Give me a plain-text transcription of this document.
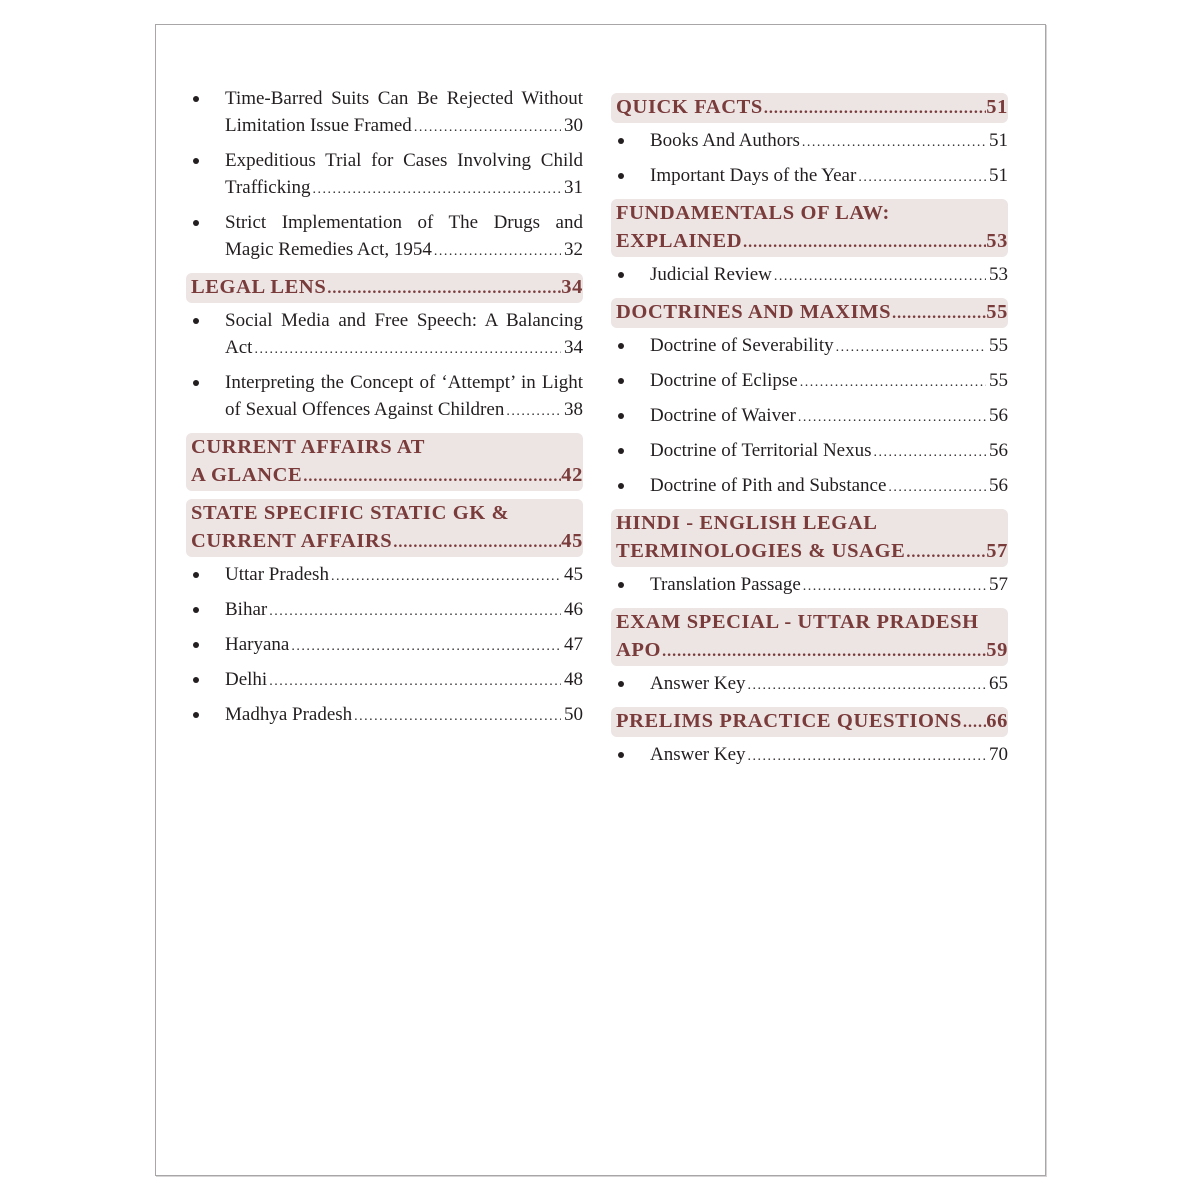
Time-Barred Suits Can Be Rejected Without
Limitation Issue Framed .....	30
Expeditious Trial for Cases Involving Child
Trafficking .....	31
Strict Implementation of The Drugs and
Magic Remedies Act, 1954 .....	32
LEGAL LENS .....	34
Social Media and Free Speech: A Balancing
Act .....	34
Interpreting the Concept of ‘Attempt’ in Light
of Sexual Offences Against Children .....	38
CURRENT AFFAIRS AT
A GLANCE .....	42
STATE SPECIFIC STATIC GK &
CURRENT AFFAIRS .....	45
Uttar Pradesh .....	45
Bihar .....	46
Haryana .....	47
Delhi .....	48
Madhya Pradesh .....	50
QUICK FACTS .....	51
Books And Authors .....	51
Important Days of the Year .....	51
FUNDAMENTALS OF LAW:
EXPLAINED .....	53
Judicial Review .....	53
DOCTRINES AND MAXIMS .....	55
Doctrine of Severability .....	55
Doctrine of Eclipse .....	55
Doctrine of Waiver .....	56
Doctrine of Territorial Nexus .....	56
Doctrine of Pith and Substance .....	56
HINDI - ENGLISH LEGAL
TERMINOLOGIES & USAGE .....	57
Translation Passage .....	57
EXAM SPECIAL - UTTAR PRADESH
APO .....	59
Answer Key .....	65
PRELIMS PRACTICE QUESTIONS ..... 66
Answer Key .....	70
